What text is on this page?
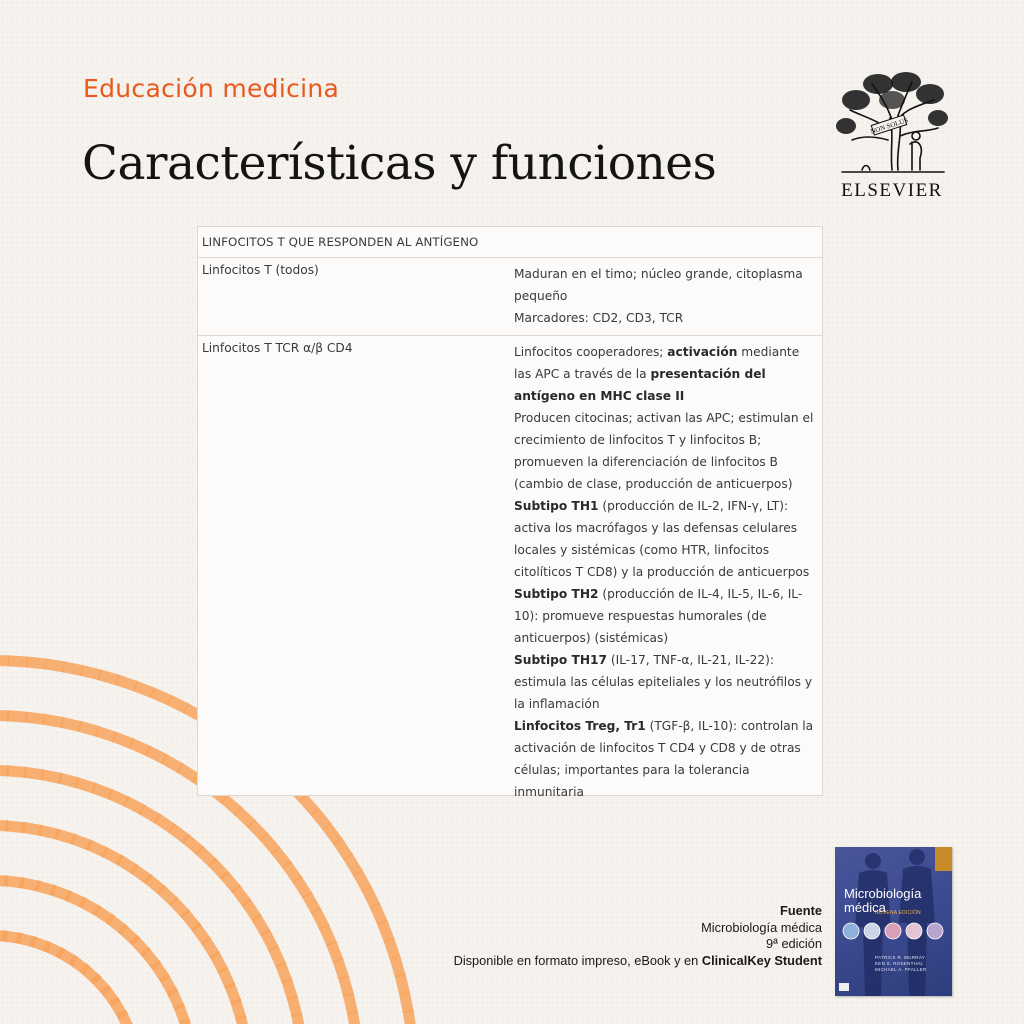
Educación medicina
Características y funciones
NON SOLUS
ELSEVIER
LINFOCITOS T QUE RESPONDEN AL ANTÍGENO
Linfocitos T (todos)	Maduran en el timo; núcleo grande, citoplasma pequeño

Marcadores: CD2, CD3, TCR

Linfocitos T TCR α/β CD4	Linfocitos cooperadores; activación mediante las APC a través de la presentación del antígeno en MHC clase II

Producen citocinas; activan las APC; estimulan el crecimiento de linfocitos T y linfocitos B; promueven la diferenciación de linfocitos B (cambio de clase, producción de anticuerpos)

Subtipo TH1 (producción de IL-2, IFN-γ, LT): activa los macrófagos y las defensas celulares locales y sistémicas (como HTR, linfocitos citolíticos T CD8) y la producción de anticuerpos

Subtipo TH2 (producción de IL-4, IL-5, IL-6, IL-10): promueve respuestas humorales (de anticuerpos) (sistémicas)

Subtipo TH17 (IL-17, TNF-α, IL-21, IL-22): estimula las células epiteliales y los neutrófilos y la inflamación

Linfocitos Treg, Tr1 (TGF-β, IL-10): controlan la activación de linfocitos T CD4 y CD8 y de otras células; importantes para la tolerancia inmunitaria

Fuente
Microbiología médica
9ª edición
Disponible en formato impreso, eBook y en ClinicalKey Student
Microbiología
médica
NOVENA EDICIÓN
PATRICK R. MURRAY
KEN S. ROSENTHAL
MICHAEL A. PFALLER
